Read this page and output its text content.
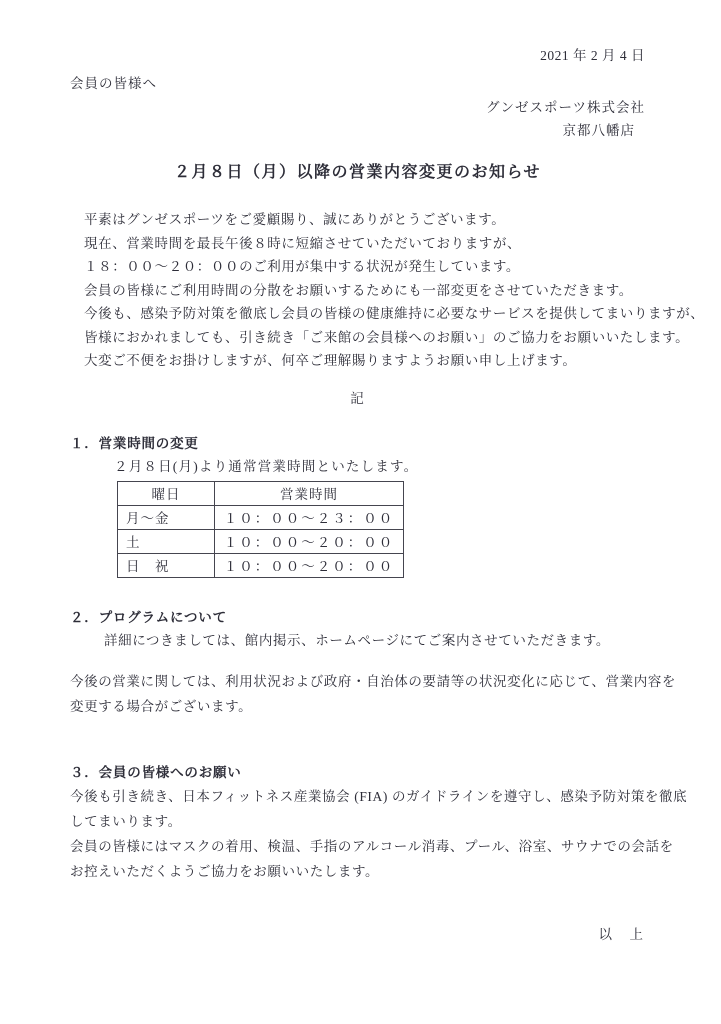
2021 年 2 月 4 日
会員の皆様へ
グンゼスポーツ株式会社
京都八幡店
２月８日（月）以降の営業内容変更のお知らせ
平素はグンゼスポーツをご愛顧賜り、誠にありがとうございます。
現在、営業時間を最長午後８時に短縮させていただいておりますが、
１８：００～２０：００のご利用が集中する状況が発生しています。
会員の皆様にご利用時間の分散をお願いするためにも一部変更をさせていただきます。
今後も、感染予防対策を徹底し会員の皆様の健康維持に必要なサービスを提供してまいりますが、
皆様におかれましても、引き続き「ご来館の会員様へのお願い」のご協力をお願いいたします。
大変ご不便をお掛けしますが、何卒ご理解賜りますようお願い申し上げます。
記
１．営業時間の変更
２月８日(月)より通常営業時間といたします。
曜日	営業時間
月～金	１０：００～２３：００
土	１０：００～２０：００
日　祝	１０：００～２０：００
２．プログラムについて
詳細につきましては、館内掲示、ホームページにてご案内させていただきます。
今後の営業に関しては、利用状況および政府・自治体の要請等の状況変化に応じて、営業内容を
変更する場合がございます。
３．会員の皆様へのお願い
今後も引き続き、日本フィットネス産業協会 (FIA) のガイドラインを遵守し、感染予防対策を徹底
してまいります。
会員の皆様にはマスクの着用、検温、手指のアルコール消毒、プール、浴室、サウナでの会話を
お控えいただくようご協力をお願いいたします。
以　上
